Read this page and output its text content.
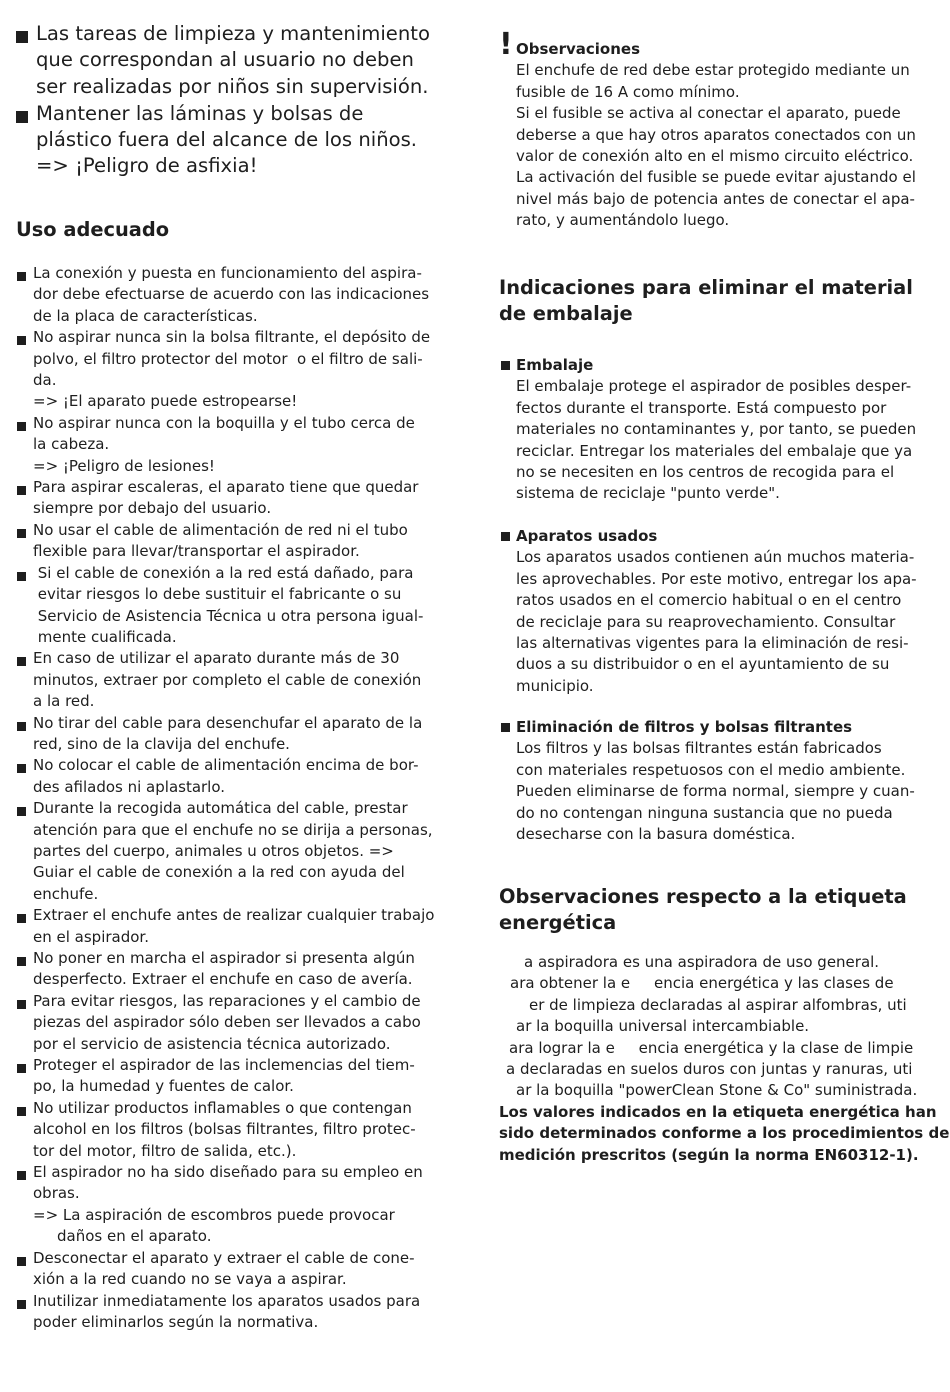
Las tareas de limpieza y mantenimiento
que correspondan al usuario no deben
ser realizadas por niños sin supervisión.
Mantener las láminas y bolsas de
plástico fuera del alcance de los niños.
=> ¡Peligro de asfixia!
Uso adecuado
La conexión y puesta en funcionamiento del aspira-
dor debe efectuarse de acuerdo con las indicaciones
de la placa de características.
No aspirar nunca sin la bolsa filtrante, el depósito de
polvo, el filtro protector del motor  o el filtro de sali-
da.
=> ¡El aparato puede estropearse!
No aspirar nunca con la boquilla y el tubo cerca de
la cabeza.
=> ¡Peligro de lesiones!
Para aspirar escaleras, el aparato tiene que quedar
siempre por debajo del usuario.
No usar el cable de alimentación de red ni el tubo
flexible para llevar/transportar el aspirador.
Si el cable de conexión a la red está dañado, para
evitar riesgos lo debe sustituir el fabricante o su
Servicio de Asistencia Técnica u otra persona igual-
mente cualificada.
En caso de utilizar el aparato durante más de 30
minutos, extraer por completo el cable de conexión
a la red.
No tirar del cable para desenchufar el aparato de la
red, sino de la clavija del enchufe.
No colocar el cable de alimentación encima de bor-
des afilados ni aplastarlo.
Durante la recogida automática del cable, prestar
atención para que el enchufe no se dirija a personas,
partes del cuerpo, animales u otros objetos. =>
Guiar el cable de conexión a la red con ayuda del
enchufe.
Extraer el enchufe antes de realizar cualquier trabajo
en el aspirador.
No poner en marcha el aspirador si presenta algún
desperfecto. Extraer el enchufe en caso de avería.
Para evitar riesgos, las reparaciones y el cambio de
piezas del aspirador sólo deben ser llevados a cabo
por el servicio de asistencia técnica autorizado.
Proteger el aspirador de las inclemencias del tiem-
po, la humedad y fuentes de calor.
No utilizar productos inflamables o que contengan
alcohol en los filtros (bolsas filtrantes, filtro protec-
tor del motor, filtro de salida, etc.).
El aspirador no ha sido diseñado para su empleo en
obras.
=> La aspiración de escombros puede provocar
daños en el aparato.
Desconectar el aparato y extraer el cable de cone-
xión a la red cuando no se vaya a aspirar.
Inutilizar inmediatamente los aparatos usados para
poder eliminarlos según la normativa.
! Observaciones
El enchufe de red debe estar protegido mediante un
fusible de 16 A como mínimo.
Si el fusible se activa al conectar el aparato, puede
deberse a que hay otros aparatos conectados con un
valor de conexión alto en el mismo circuito eléctrico.
La activación del fusible se puede evitar ajustando el
nivel más bajo de potencia antes de conectar el apa-
rato, y aumentándolo luego.
Indicaciones para eliminar el material
de embalaje
Embalaje
El embalaje protege el aspirador de posibles desper-
fectos durante el transporte. Está compuesto por
materiales no contaminantes y, por tanto, se pueden
reciclar. Entregar los materiales del embalaje que ya
no se necesiten en los centros de recogida para el
sistema de reciclaje "punto verde".
Aparatos usados
Los aparatos usados contienen aún muchos materia-
les aprovechables. Por este motivo, entregar los apa-
ratos usados en el comercio habitual o en el centro
de reciclaje para su reaprovechamiento. Consultar
las alternativas vigentes para la eliminación de resi-
duos a su distribuidor o en el ayuntamiento de su
municipio.
Eliminación de filtros y bolsas filtrantes
Los filtros y las bolsas filtrantes están fabricados
con materiales respetuosos con el medio ambiente.
Pueden eliminarse de forma normal, siempre y cuan-
do no contengan ninguna sustancia que no pueda
desecharse con la basura doméstica.
Observaciones respecto a la etiqueta
energética
a aspiradora es una aspiradora de uso general.
ara obtener la e     encia energética y las clases de
er de limpieza declaradas al aspirar alfombras, uti
ar la boquilla universal intercambiable.
ara lograr la e     encia energética y la clase de limpie
a declaradas en suelos duros con juntas y ranuras, uti
ar la boquilla "powerClean Stone & Co" suministrada.
Los valores indicados en la etiqueta energética han
sido determinados conforme a los procedimientos de
medición prescritos (según la norma EN60312-1).
